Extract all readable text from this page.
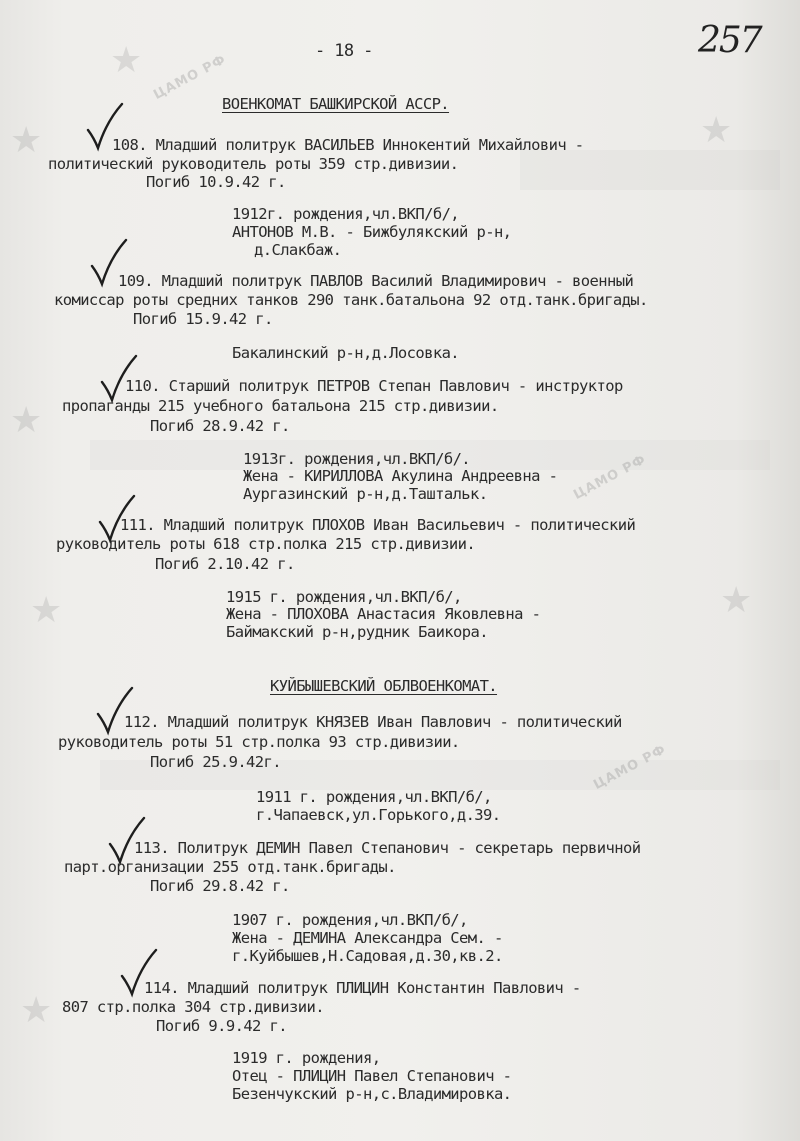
★ ЦАМО РФ
★
★
★
ЦАМО РФ
★	★
ЦАМО РФ
★
- 18 -	257
ВОЕНКОМАТ БАШКИРСКОЙ АССР.
108. Младший политрук ВАСИЛЬЕВ Иннокентий Михайлович -
политический руководитель роты 359 стр.дивизии.
Погиб 10.9.42 г.
1912г. рождения,чл.ВКП/б/,
АНТОНОВ М.В. - Бижбулякский р-н,
д.Слакбаж.
109. Младший политрук ПАВЛОВ Василий Владимирович - военный
комиссар роты средних танков 290 танк.батальона 92 отд.танк.бригады.
Погиб 15.9.42 г.
Бакалинский р-н,д.Лосовка.
110. Старший политрук ПЕТРОВ Степан Павлович - инструктор
пропаганды 215 учебного батальона 215 стр.дивизии.
Погиб 28.9.42 г.
1913г. рождения,чл.ВКП/б/.
Жена - КИРИЛЛОВА Акулина Андреевна -
Аургазинский р-н,д.Таштальк.
111. Младший политрук ПЛОХОВ Иван Васильевич - политический
руководитель роты 618 стр.полка 215 стр.дивизии.
Погиб 2.10.42 г.
1915 г. рождения,чл.ВКП/б/,
Жена - ПЛОХОВА Анастасия Яковлевна -
Баймакский р-н,рудник Баикора.
КУЙБЫШЕВСКИЙ ОБЛВОЕНКОМАТ.
112. Младший политрук КНЯЗЕВ Иван Павлович - политический
руководитель роты 51 стр.полка 93 стр.дивизии.
Погиб 25.9.42г.
1911 г. рождения,чл.ВКП/б/,
г.Чапаевск,ул.Горького,д.39.
113. Политрук ДЕМИН Павел Степанович - секретарь первичной
парт.организации 255 отд.танк.бригады.
Погиб 29.8.42 г.
1907 г. рождения,чл.ВКП/б/,
Жена - ДЕМИНА Александра Сем. -
г.Куйбышев,Н.Садовая,д.30,кв.2.
114. Младший политрук ПЛИЦИН Константин Павлович -
807 стр.полка 304 стр.дивизии.
Погиб 9.9.42 г.
1919 г. рождения,
Отец - ПЛИЦИН Павел Степанович -
Безенчукский р-н,с.Владимировка.
